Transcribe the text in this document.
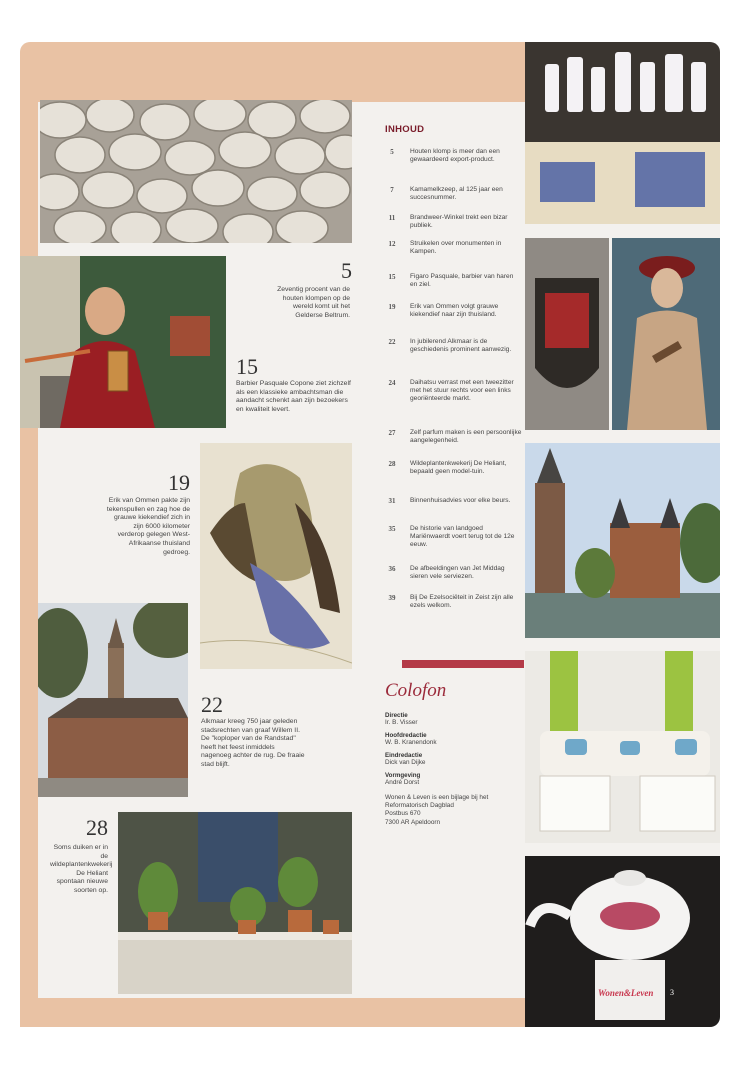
5
Zeventig procent van de houten klompen op de wereld komt uit het Gelderse Beltrum.
15
Barbier Pasquale Copone ziet zichzelf als een klassieke ambachtsman die aandacht schenkt aan zijn bezoekers en kwaliteit levert.
19
Erik van Ommen pakte zijn tekenspullen en zag hoe de grauwe kiekendief zich in zijn 6000 kilometer verderop gelegen West-Afrikaanse thuisland gedroeg.
22
Alkmaar kreeg 750 jaar geleden stadsrechten van graaf Willem II. De "koploper van de Randstad" heeft het feest inmiddels nagenoeg achter de rug. De fraaie stad blijft.
28
Soms duiken er in de wildeplantenkwekerij De Heliant spontaan nieuwe soorten op.
INHOUD
5	Houten klomp is meer dan een gewaardeerd export-product.
7	Kamamelkzeep, al 125 jaar een succesnummer.
11	Brandweer-Winkel trekt een bizar publiek.
12	Struikelen over monumenten in Kampen.
15	Figaro Pasquale, barbier van haren en ziel.
19	Erik van Ommen volgt grauwe kiekendief naar zijn thuisland.
22	In jubilerend Alkmaar is de geschiedenis prominent aanwezig.
24	Daihatsu verrast met een tweezitter met het stuur rechts voor een links georiënteerde markt.
27	Zelf parfum maken is een persoonlijke aangelegenheid.
28	Wildeplantenkwekerij De Heliant, bepaald geen model-tuin.
31	Binnenhuisadvies voor elke beurs.
35	De historie van landgoed Mariënwaerdt voert terug tot de 12e eeuw.
36	De afbeeldingen van Jet Middag sieren vele serviezen.
39	Bij De Ezelsociëteit in Zeist zijn alle ezels welkom.
Colofon
Directie
Ir. B. Visser
Hoofdredactie
W. B. Kranendonk
Eindredactie
Dick van Dijke
Vormgeving
André Dorst
Wonen & Leven is een bijlage bij het
Reformatorisch Dagblad
Postbus 670
7300 AR Apeldoorn
Wonen&Leven 3
